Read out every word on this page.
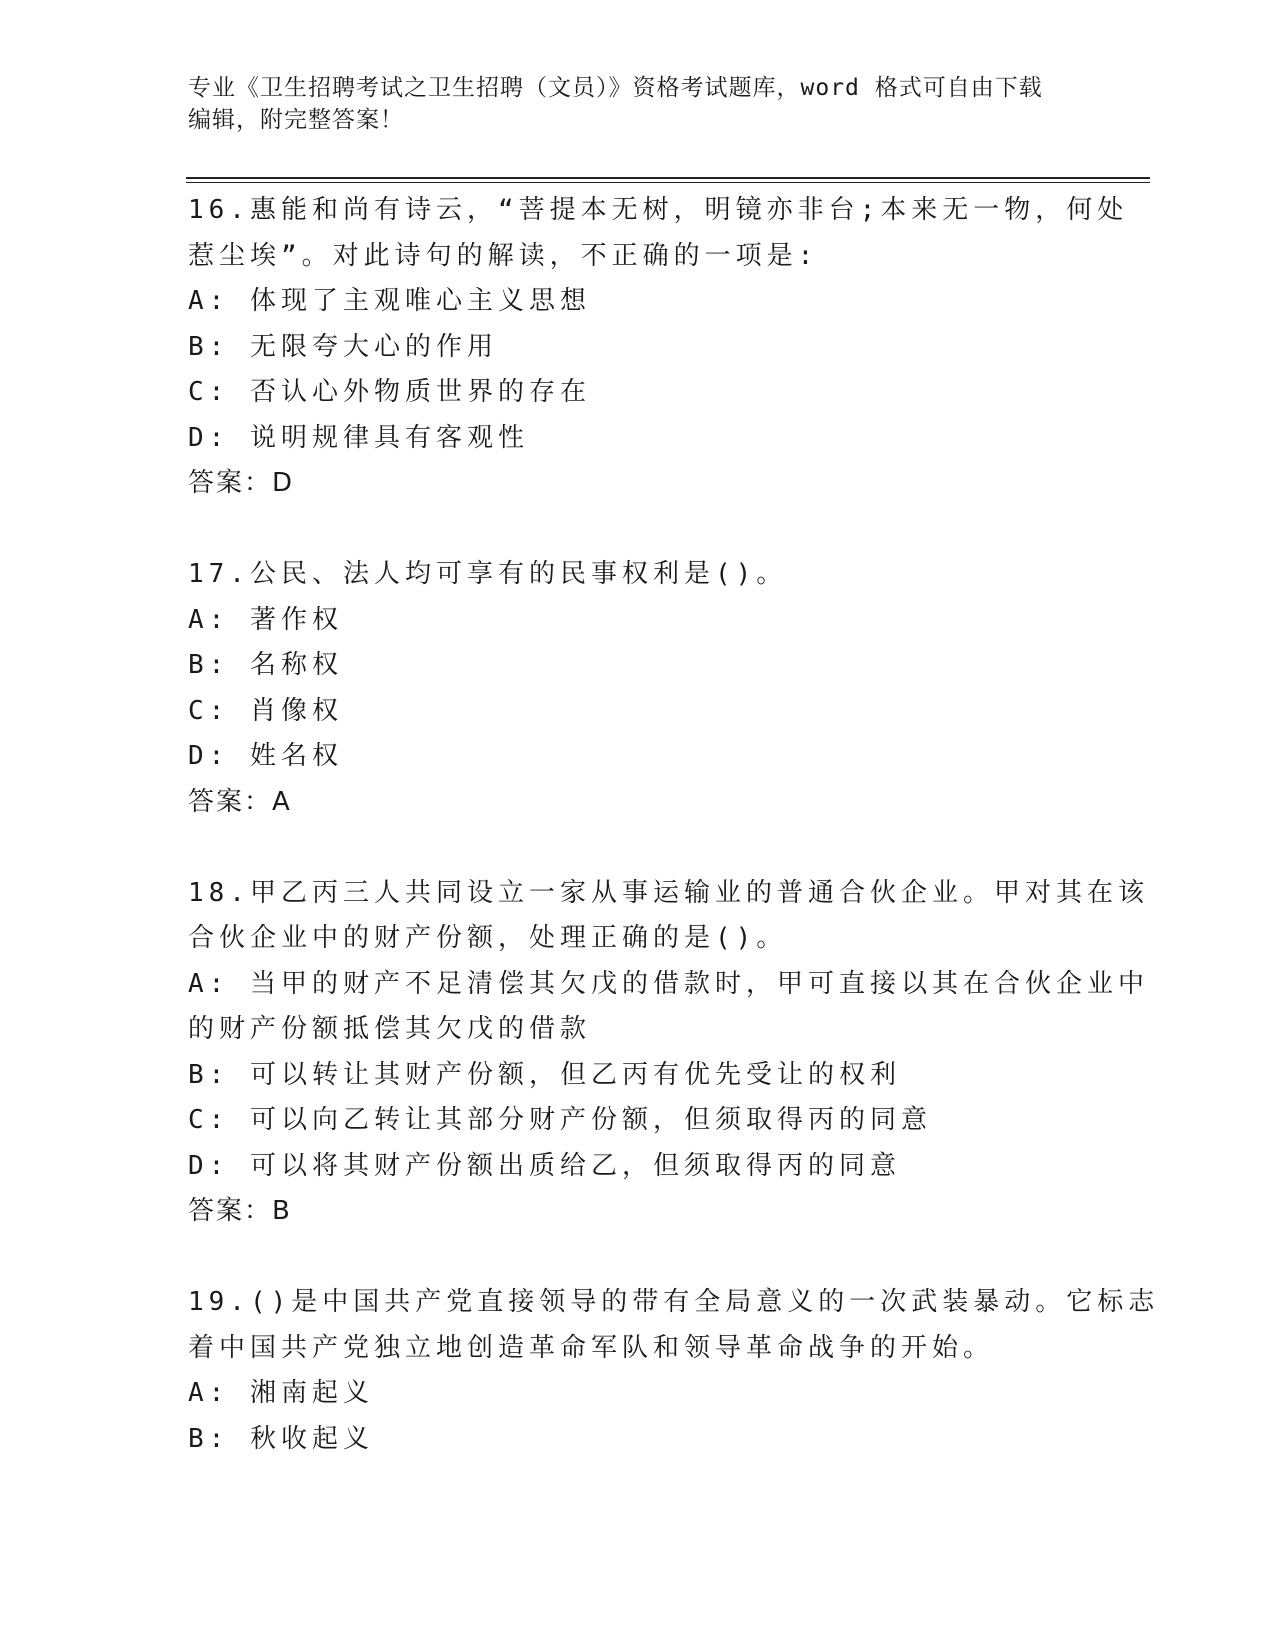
专业《卫生招聘考试之卫生招聘（文员）》资格考试题库，word 格式可自由下载
编辑，附完整答案！
16.惠能和尚有诗云，“菩提本无树，明镜亦非台;本来无一物，何处
惹尘埃”。对此诗句的解读，不正确的一项是:
A: 体现了主观唯心主义思想
B: 无限夸大心的作用
C: 否认心外物质世界的存在
D: 说明规律具有客观性
答案：D
17.公民、法人均可享有的民事权利是()。
A: 著作权
B: 名称权
C: 肖像权
D: 姓名权
答案：A
18.甲乙丙三人共同设立一家从事运输业的普通合伙企业。甲对其在该
合伙企业中的财产份额，处理正确的是()。
A: 当甲的财产不足清偿其欠戊的借款时，甲可直接以其在合伙企业中
的财产份额抵偿其欠戊的借款
B: 可以转让其财产份额，但乙丙有优先受让的权利
C: 可以向乙转让其部分财产份额，但须取得丙的同意
D: 可以将其财产份额出质给乙，但须取得丙的同意
答案：B
19.()是中国共产党直接领导的带有全局意义的一次武装暴动。它标志
着中国共产党独立地创造革命军队和领导革命战争的开始。
A: 湘南起义
B: 秋收起义
